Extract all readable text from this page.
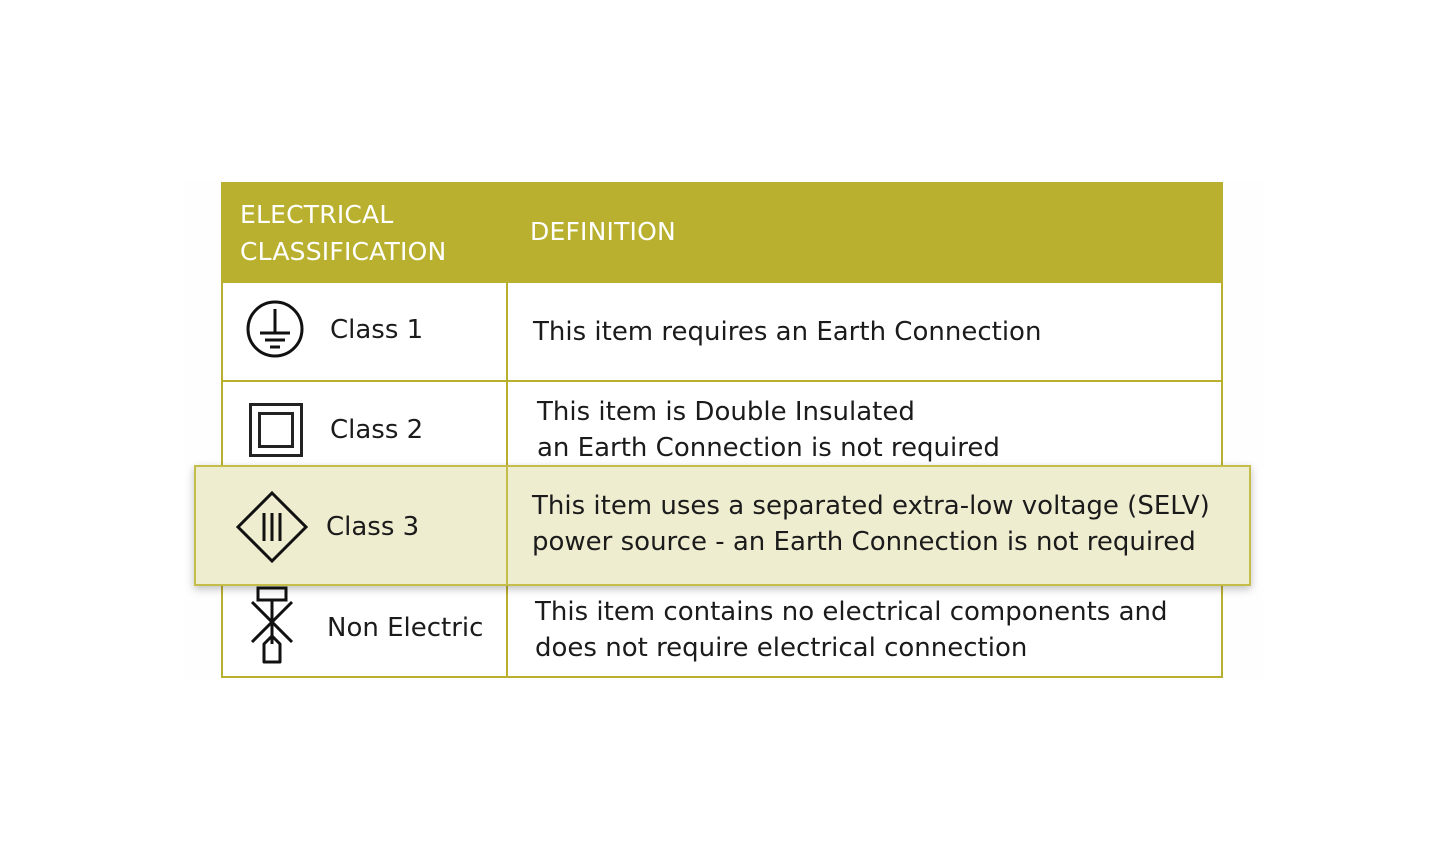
ELECTRICAL
CLASSIFICATION
DEFINITION
Class 1	This item requires an Earth Connection
Class 2
This item is Double Insulated
an Earth Connection is not required
Non Electric
This item contains no electrical components and
does not require electrical connection
Class 3
This item uses a separated extra-low voltage (SELV)
power source - an Earth Connection is not required
